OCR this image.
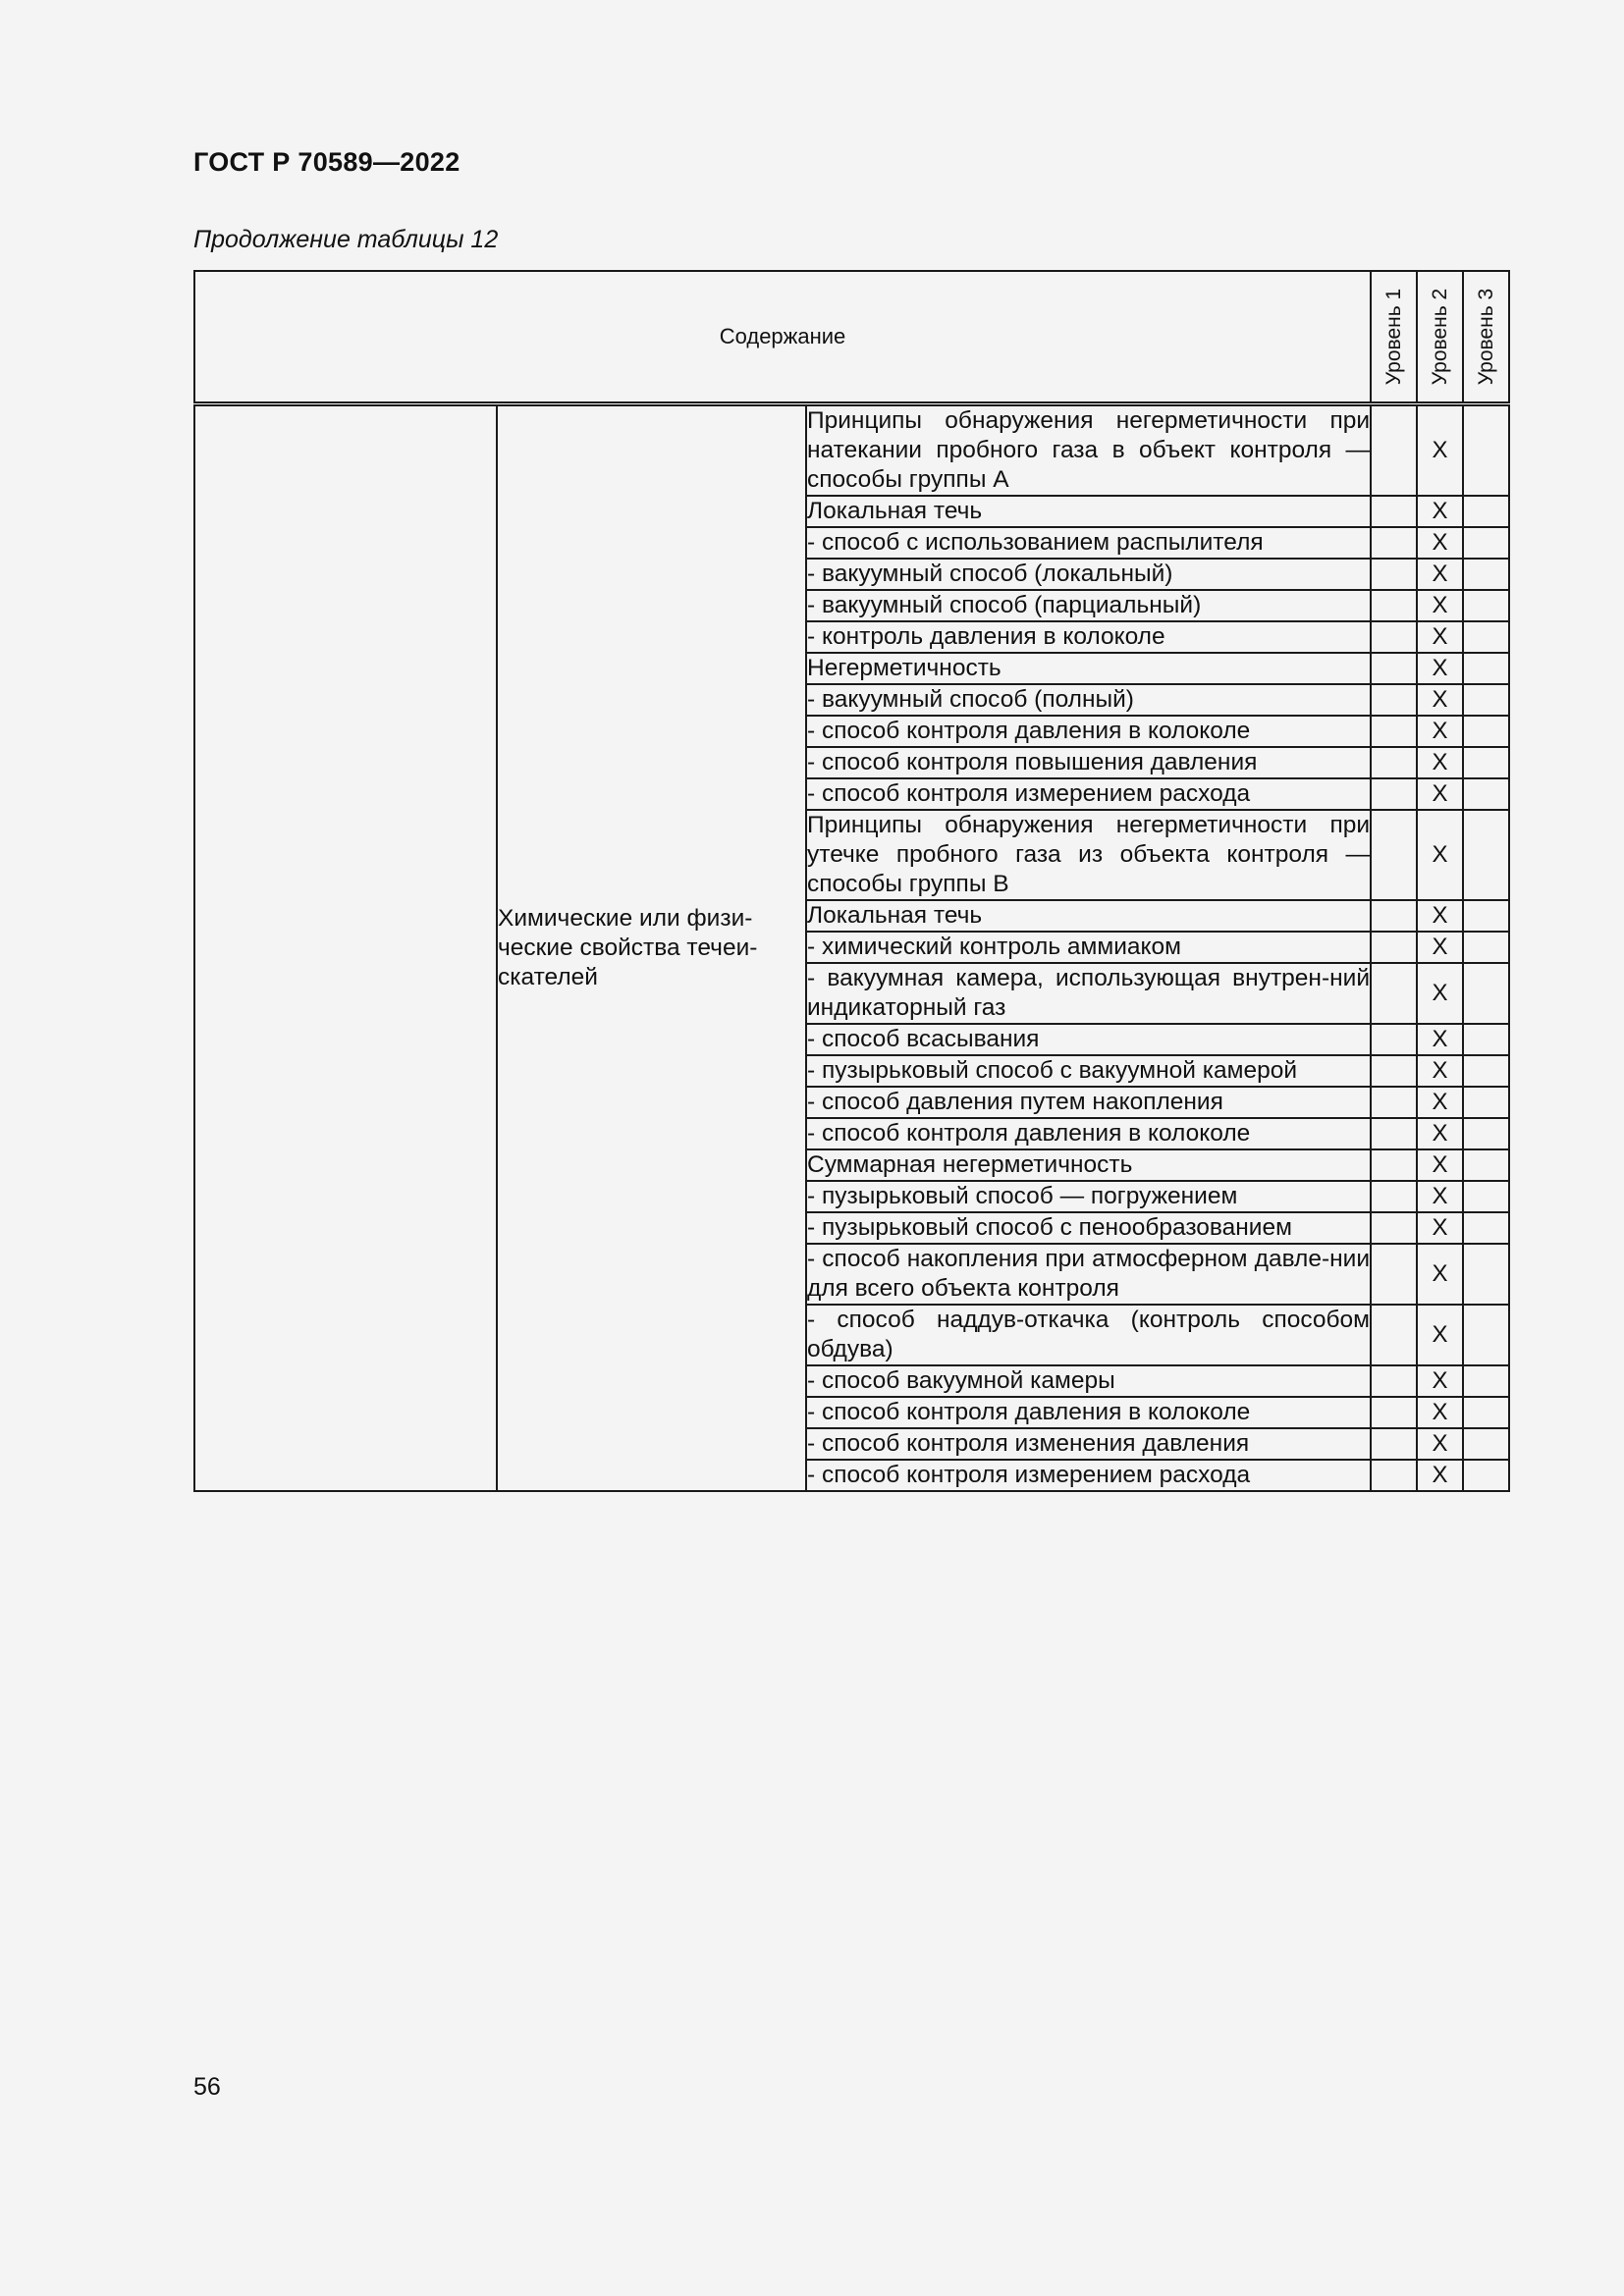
ГОСТ Р 70589—2022
Продолжение таблицы 12
Содержание			Уровень 1	Уровень 2	Уровень 3

	Химические или физи-
ческие свойства течеи-
скателей	Принципы обнаружения негерметичности при натекании пробного газа в объект контроля — способы группы А		X	
		Локальная течь		X	
		- способ с использованием распылителя		X	
		- вакуумный способ (локальный)		X	
		- вакуумный способ (парциальный)		X	
		- контроль давления в колоколе		X	
		Негерметичность		X	
		- вакуумный способ (полный)		X	
		- способ контроля давления в колоколе		X	
		- способ контроля повышения давления		X	
		- способ контроля измерением расхода		X	
		Принципы обнаружения негерметичности при утечке пробного газа из объекта контроля — способы группы В		X	
		Локальная течь		X	
		- химический контроль аммиаком		X	
		- вакуумная камера, использующая внутрен-ний индикаторный газ		X	
		- способ всасывания		X	
		- пузырьковый способ с вакуумной камерой		X	
		- способ давления путем накопления		X	
		- способ контроля давления в колоколе		X	
		Суммарная негерметичность		X	
		- пузырьковый способ — погружением		X	
		- пузырьковый способ с пенообразованием		X	
		- способ накопления при атмосферном давле-нии для всего объекта контроля		X	
		- способ наддув-откачка (контроль способом обдува)		X	
		- способ вакуумной камеры		X	
		- способ контроля давления в колоколе		X	
		- способ контроля изменения давления		X	
		- способ контроля измерением расхода		X	
56
